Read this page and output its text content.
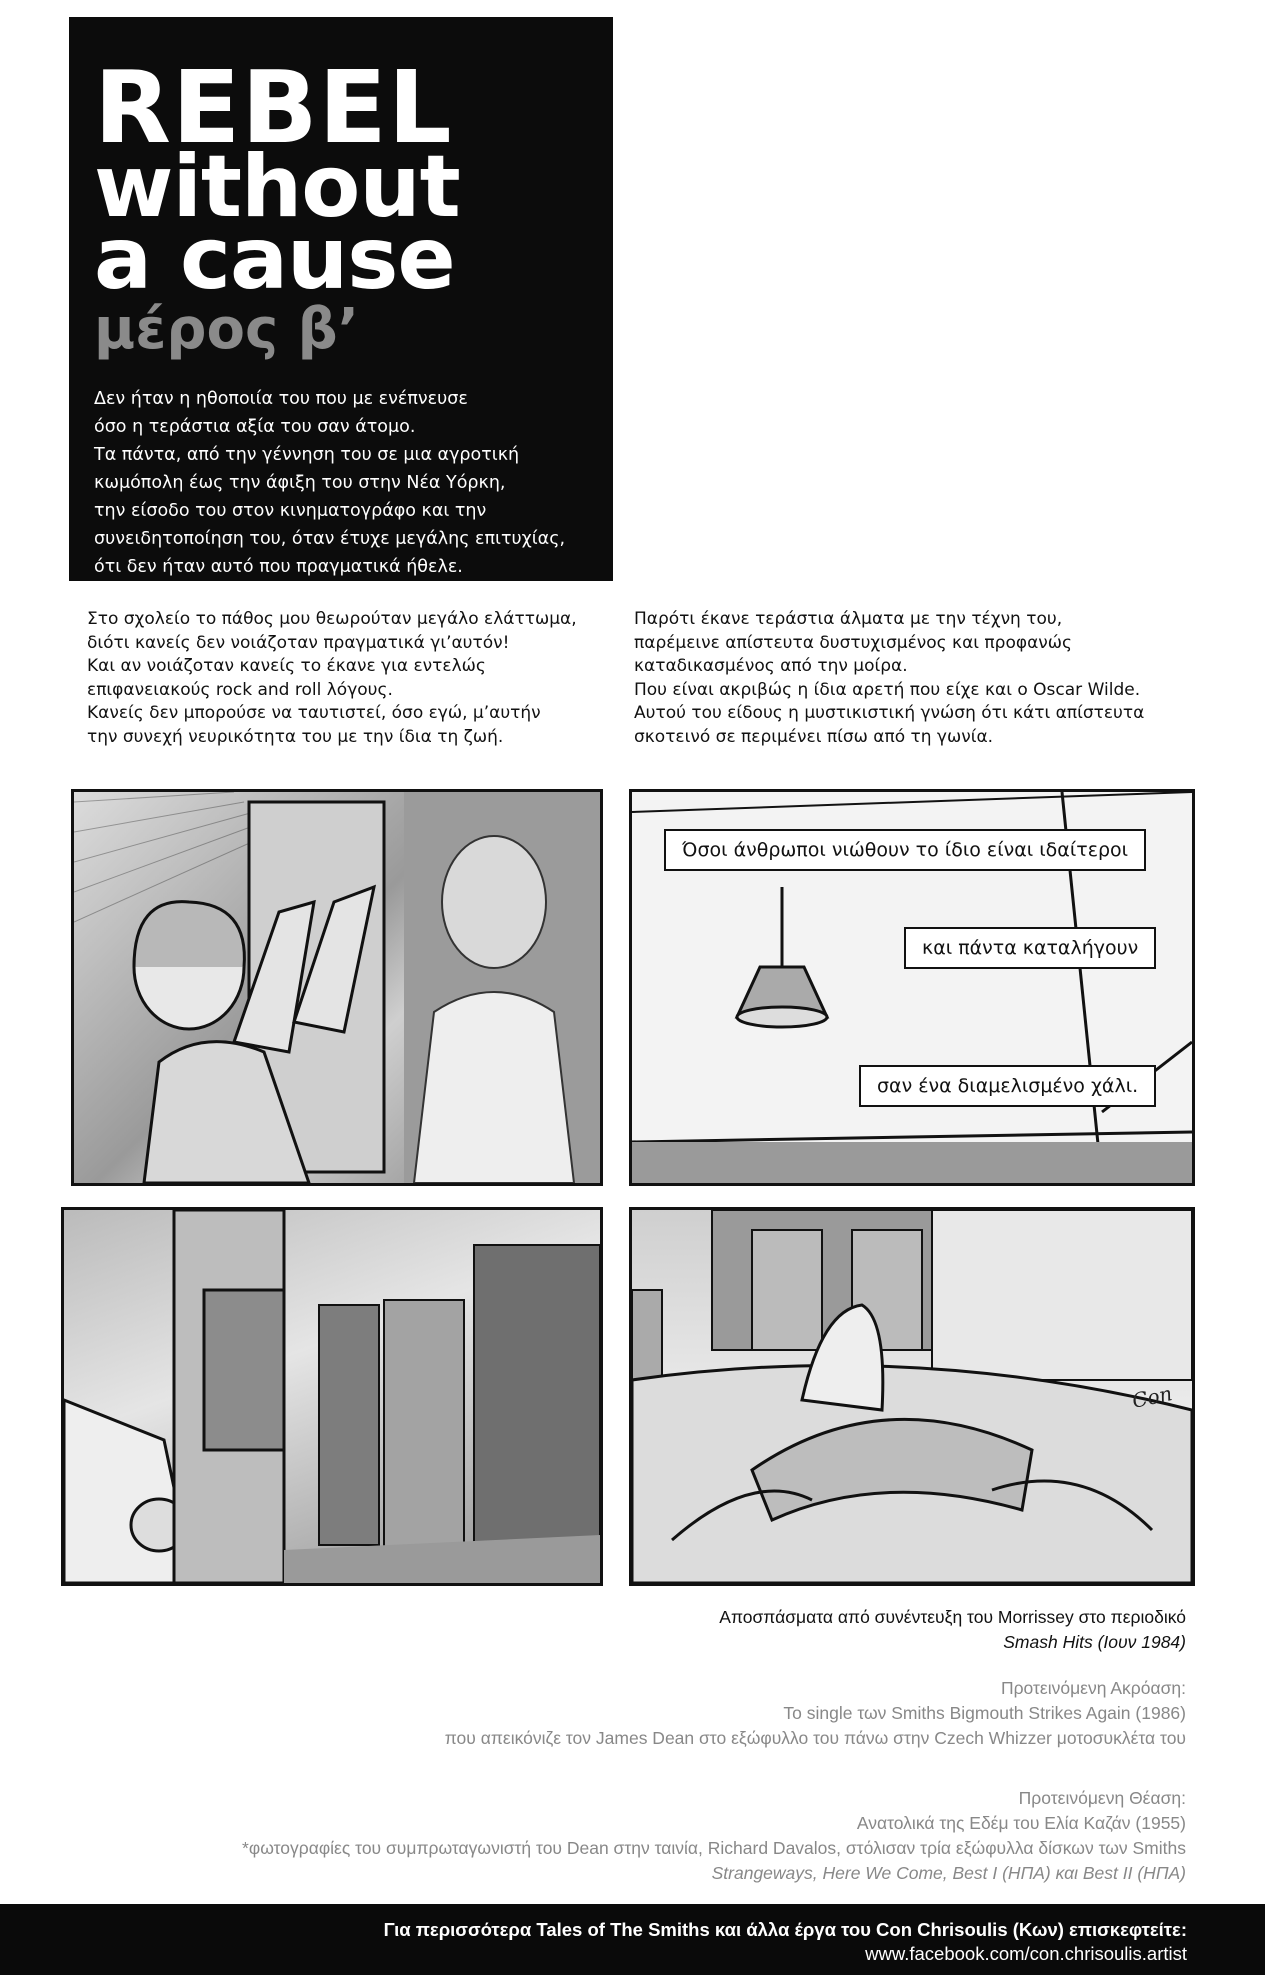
REBEL
without
a cause
μέρος β’
Δεν ήταν η ηθοποιία του που με ενέπνευσε
όσο η τεράστια αξία του σαν άτομο.
Τα πάντα, από την γέννηση του σε μια αγροτική
κωμόπολη έως την άφιξη του στην Νέα Υόρκη,
την είσοδο του στον κινηματογράφο και την
συνειδητοποίηση του, όταν έτυχε μεγάλης επιτυχίας,
ότι δεν ήταν αυτό που πραγματικά ήθελε.
Στο σχολείο το πάθος μου θεωρούταν μεγάλο ελάττωμα,
διότι κανείς δεν νοιάζοταν πραγματικά γι’αυτόν!
Και αν νοιάζοταν κανείς το έκανε για εντελώς
επιφανειακούς rock and roll λόγους.
Κανείς δεν μπορούσε να ταυτιστεί, όσο εγώ, μ’αυτήν
την συνεχή νευρικότητα του με την ίδια τη ζωή.
Παρότι έκανε τεράστια άλματα με την τέχνη του,
παρέμεινε απίστευτα δυστυχισμένος και προφανώς
καταδικασμένος από την μοίρα.
Που είναι ακριβώς η ίδια αρετή που είχε και ο Oscar Wilde.
Αυτού του είδους η μυστικιστική γνώση ότι κάτι απίστευτα
σκοτεινό σε περιμένει πίσω από τη γωνία.
Όσοι άνθρωποι νιώθουν το ίδιο είναι ιδαίτεροι
και πάντα καταλήγουν
σαν ένα διαμελισμένο χάλι.
Con
Αποσπάσματα από συνέντευξη του Morrissey στο περιοδικό
Smash Hits (Ιουν 1984)
Προτεινόμενη Ακρόαση:
Το single των Smiths Bigmouth Strikes Again (1986)
που απεικόνιζε τον James Dean στο εξώφυλλο του πάνω στην Czech Whizzer μοτοσυκλέτα του
Προτεινόμενη Θέαση:
Ανατολικά της Εδέμ του Ελία Καζάν (1955)
*φωτογραφίες του συμπρωταγωνιστή του Dean στην ταινία, Richard Davalos, στόλισαν τρία εξώφυλλα δίσκων των Smiths
Strangeways, Here We Come, Best I (ΗΠΑ) και Best II (ΗΠΑ)
Για περισσότερα Tales of The Smiths και άλλα έργα του Con Chrisoulis (Κων) επισκεφτείτε:
www.facebook.com/con.chrisoulis.artist
